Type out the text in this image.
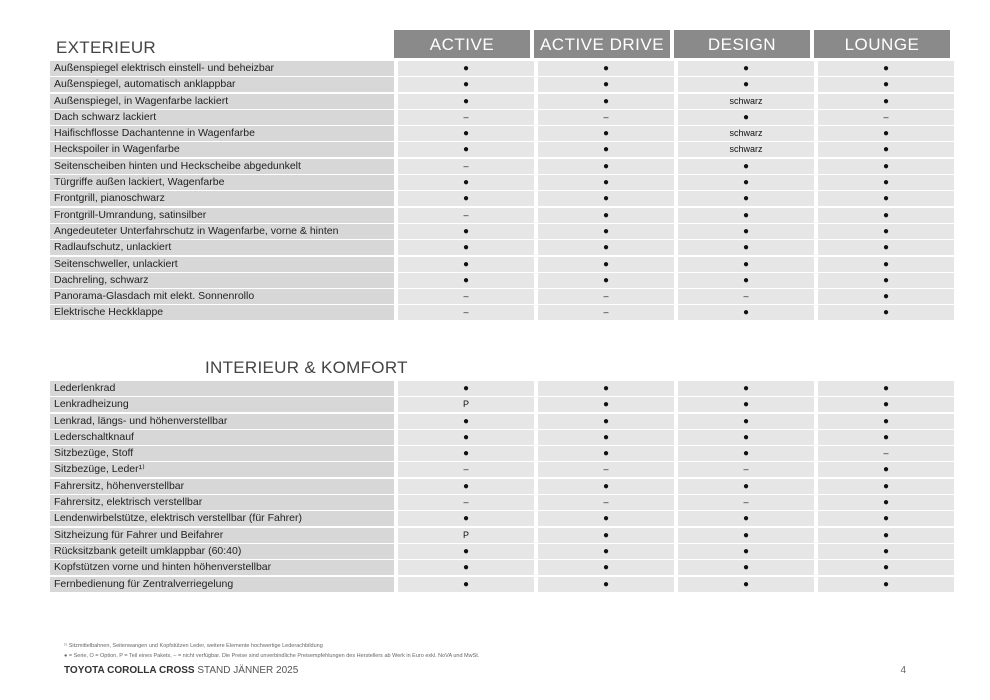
EXTERIEUR	ACTIVE	ACTIVE DRIVE	DESIGN	LOUNGE
Außenspiegel elektrisch einstell- und beheizbar	●	●	●	●
Außenspiegel, automatisch anklappbar	●	●	●	●
Außenspiegel, in Wagenfarbe lackiert	●	●	schwarz	●
Dach schwarz lackiert	–	–	●	–
Haifischflosse Dachantenne in Wagenfarbe	●	●	schwarz	●
Heckspoiler in Wagenfarbe	●	●	schwarz	●
Seitenscheiben hinten und Heckscheibe abgedunkelt	–	●	●	●
Türgriffe außen lackiert, Wagenfarbe	●	●	●	●
Frontgrill, pianoschwarz	●	●	●	●
Frontgrill-Umrandung, satinsilber	–	●	●	●
Angedeuteter Unterfahrschutz in Wagenfarbe, vorne & hinten	●	●	●	●
Radlaufschutz, unlackiert	●	●	●	●
Seitenschweller, unlackiert	●	●	●	●
Dachreling, schwarz	●	●	●	●
Panorama-Glasdach mit elekt. Sonnenrollo	–	–	–	●
Elektrische Heckklappe	–	–	●	●
INTERIEUR & KOMFORT
Lederlenkrad	●	●	●	●
Lenkradheizung	P	●	●	●
Lenkrad, längs- und höhenverstellbar	●	●	●	●
Lederschaltknauf	●	●	●	●
Sitzbezüge, Stoff	●	●	●	–
Sitzbezüge, Leder¹⁾	–	–	–	●
Fahrersitz, höhenverstellbar	●	●	●	●
Fahrersitz, elektrisch verstellbar	–	–	–	●
Lendenwirbelstütze, elektrisch verstellbar (für Fahrer)	●	●	●	●
Sitzheizung für Fahrer und Beifahrer	P	●	●	●
Rücksitzbank geteilt umklappbar (60:40)	●	●	●	●
Kopfstützen vorne und hinten höhenverstellbar	●	●	●	●
Fernbedienung für Zentralverriegelung	●	●	●	●
¹⁾ Sitzmittelbahnen, Seitenwangen und Kopfstützen Leder, weitere Elemente hochwertige Lederachbildung
● = Serie, O = Option, P = Teil eines Pakets, – = nicht verfügbar. Die Preise sind unverbindliche Preisempfehlungen des Herstellers ab Werk in Euro exkl. NoVA und MwSt.
TOYOTA COROLLA CROSS STAND JÄNNER 2025	4
